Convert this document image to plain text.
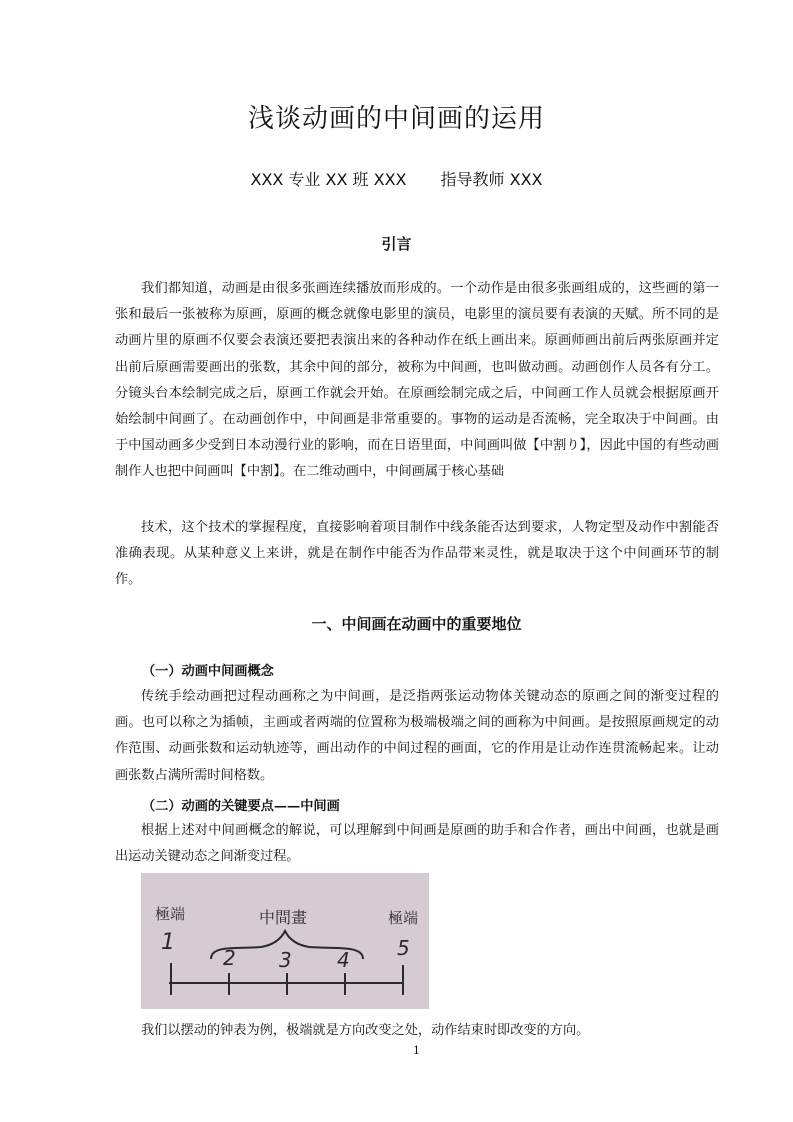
浅谈动画的中间画的运用
XXX 专业 XX 班 XXX 指导教师 XXX
引言

我们都知道，动画是由很多张画连续播放而形成的。一个动作是由很多张画组成的，这些画的第一张和最后一张被称为原画，原画的概念就像电影里的演员，电影里的演员要有表演的天赋。所不同的是动画片里的原画不仅要会表演还要把表演出来的各种动作在纸上画出来。原画师画出前后两张原画并定出前后原画需要画出的张数，其余中间的部分，被称为中间画，也叫做动画。动画创作人员各有分工。分镜头台本绘制完成之后，原画工作就会开始。在原画绘制完成之后，中间画工作人员就会根据原画开始绘制中间画了。在动画创作中，中间画是非常重要的。事物的运动是否流畅，完全取决于中间画。由于中国动画多少受到日本动漫行业的影响，而在日语里面，中间画叫做【中割り】，因此中国的有些动画制作人也把中间画叫【中割】。在二维动画中，中间画属于核心基础

技术，这个技术的掌握程度，直接影响着项目制作中线条能否达到要求，人物定型及动作中割能否准确表现。从某种意义上来讲，就是在制作中能否为作品带来灵性，就是取决于这个中间画环节的制作。

一、中间画在动画中的重要地位
（一）动画中间画概念

传统手绘动画把过程动画称之为中间画，是泛指两张运动物体关键动态的原画之间的渐变过程的画。也可以称之为插帧，主画或者两端的位置称为极端极端之间的画称为中间画。是按照原画规定的动作范围、动画张数和运动轨迹等，画出动作的中间过程的画面，它的作用是让动作连贯流畅起来。让动画张数占满所需时间格数。

（二）动画的关键要点——中间画

根据上述对中间画概念的解说，可以理解到中间画是原画的助手和合作者，画出中间画，也就是画出运动关键动态之间渐变过程。

極端	中間畫	極端
1
2 3 4 5

我们以摆动的钟表为例，极端就是方向改变之处，动作结束时即改变的方向。

1
